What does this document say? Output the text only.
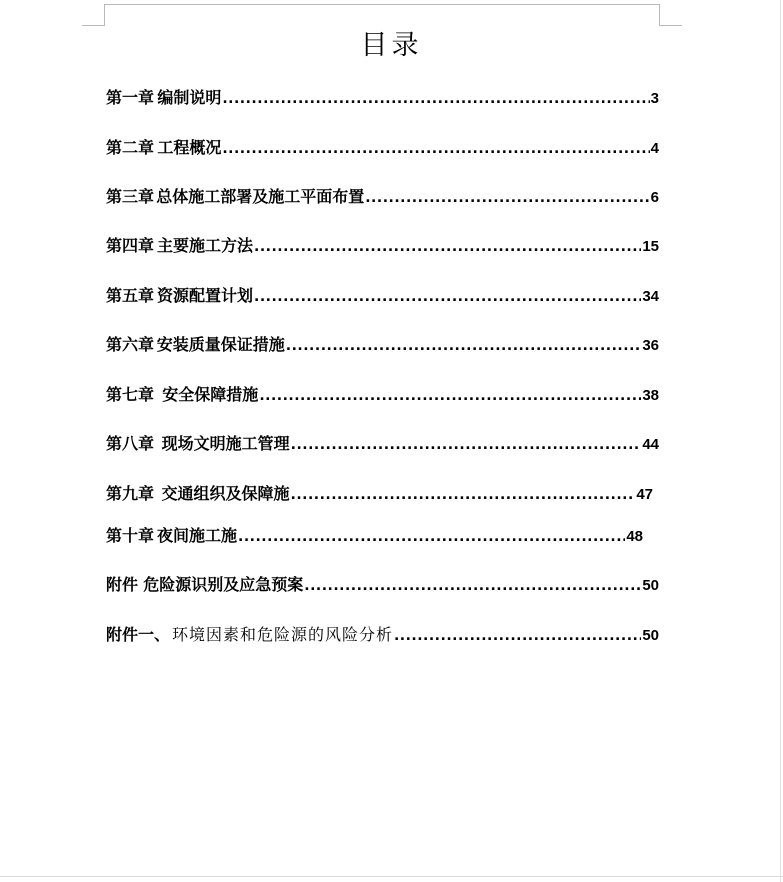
目录
第一章 编制说明 .....	3
第二章 工程概况 .....	4
第三章 总体施工部署及施工平面布置 .....	6
第四章 主要施工方法 .....	15
第五章 资源配置计划 .....	34
第六章 安装质量保证措施 .....	36
第七章 安全保障措施 .....	38
第八章 现场文明施工管理 .....	44
第九章 交通组织及保障施 .....	47
第十章 夜间施工施 .....	48
附件 危险源识别及应急预案 .....	50
附件一、 环境因素和危险源的风险分析 .....	50
